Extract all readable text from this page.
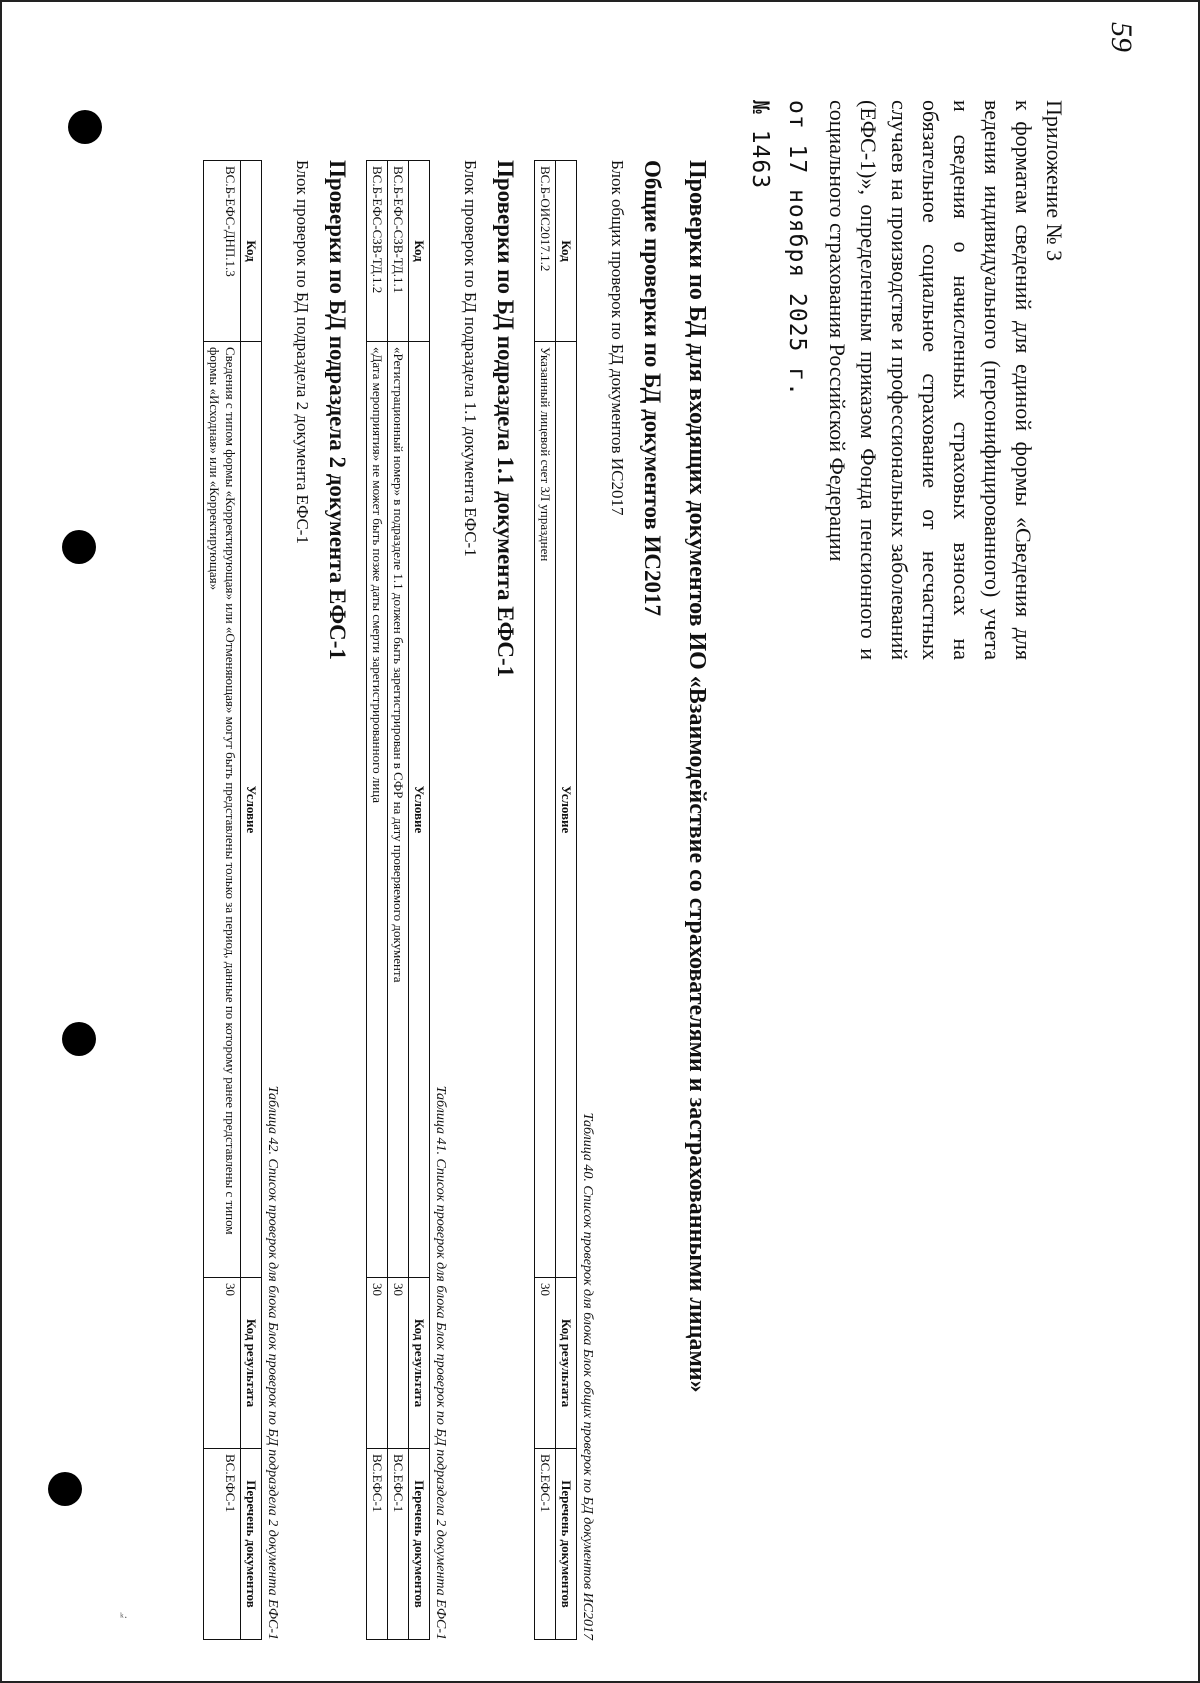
59
ᵏ·
Приложение № 3
к форматам сведений для единой формы «Сведения для ведения индивидуального (персонифицированного) учета и сведения о начисленных страховых взносах на обязательное социальное страхование от несчастных случаев на производстве и профессиональных заболеваний (ЕФС-1)», определенным приказом Фонда пенсионного и социального страхования Российской Федерации
от 17 ноября 2025 г.
№ 1463
Проверки по БД для входящих документов ИО «Взаимодействие со страхователями и застрахованными лицами»
Общие проверки по БД документов ИС2017
Блок общих проверок по БД документов ИС2017
Таблица 40. Список проверок для блока Блок общих проверок по БД документов ИС2017
Код	Условие	Код результата	Перечень документов
ВС.Б-ОИС2017.1.2	Указанный лицевой счет ЗЛ упразднен	30	ВС.ЕФС-1
Проверки по БД подраздела 1.1 документа ЕФС-1
Блок проверок по БД подраздела 1.1 документа ЕФС-1
Таблица 41. Список проверок для блока Блок проверок по БД подраздела 2 документа ЕФС-1
Код	Условие	Код результата	Перечень документов
ВС.Б-ЕФС-СЗВ-ТД.1.1	«Регистрационный номер» в подразделе 1.1 должен быть зарегистрирован в СФР на дату проверяемого документа	30	ВС.ЕФС-1
ВС.Б-ЕФС-СЗВ-ТД.1.2	«Дата мероприятия» не может быть позже даты смерти зарегистрированного лица	30	ВС.ЕФС-1
Проверки по БД подраздела 2 документа ЕФС-1
Блок проверок по БД подраздела 2 документа ЕФС-1
Таблица 42. Список проверок для блока Блок проверок по БД подраздела 2 документа ЕФС-1
Код	Условие	Код результата	Перечень документов
ВС.Б-ЕФС-ДНП.1.3	Сведения с типом формы «Корректирующая» или «Отменяющая» могут быть представлены только за период, данные по которому ранее представлены с типом формы «Исходная» или «Корректирующая»	30	ВС.ЕФС-1
